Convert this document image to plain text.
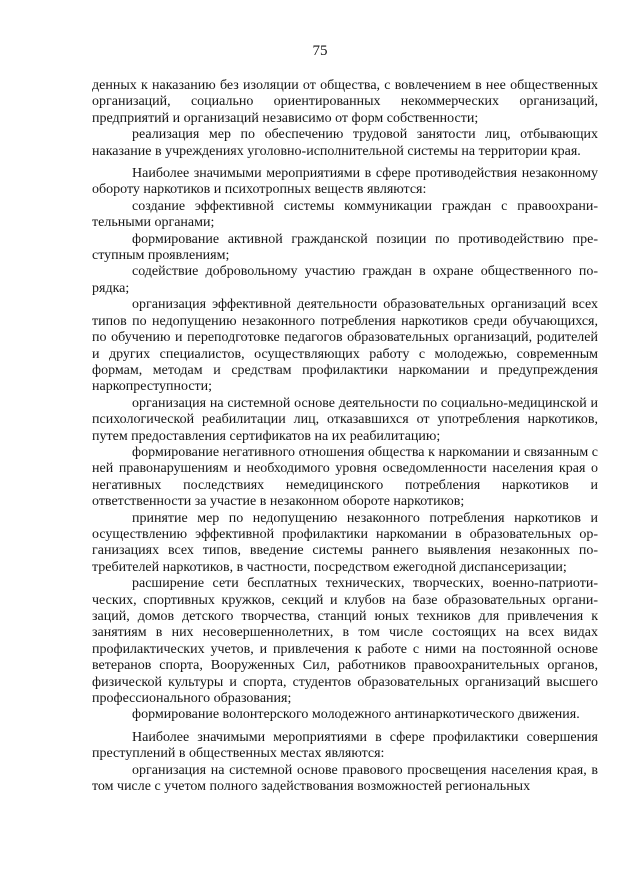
75

денных к наказанию без изоляции от общества, с вовлечением в нее общественных организаций, социально ориентированных некоммерческих организаций, предприятий и организаций независимо от форм собственности;

реализация мер по обеспечению трудовой занятости лиц, отбывающих наказание в учреждениях уголовно-исполнительной системы на территории края.

Наиболее значимыми мероприятиями в сфере противодействия незаконному обороту наркотиков и психотропных веществ являются:

создание эффективной системы коммуникации граждан с правоохранительными органами;

формирование активной гражданской позиции по противодействию преступным проявлениям;

содействие добровольному участию граждан в охране общественного порядка;

организация эффективной деятельности образовательных организаций всех типов по недопущению незаконного потребления наркотиков среди обучающихся, по обучению и переподготовке педагогов образовательных организаций, родителей и других специалистов, осуществляющих работу с молодежью, современным формам, методам и средствам профилактики наркомании и предупреждения наркопреступности;

организация на системной основе деятельности по социально-медицинской и психологической реабилитации лиц, отказавшихся от употребления наркотиков, путем предоставления сертификатов на их реабилитацию;

формирование негативного отношения общества к наркомании и связанным с ней правонарушениям и необходимого уровня осведомленности населения края о негативных последствиях немедицинского потребления наркотиков и ответственности за участие в незаконном обороте наркотиков;

принятие мер по недопущению незаконного потребления наркотиков и осуществлению эффективной профилактики наркомании в образовательных организациях всех типов, введение системы раннего выявления незаконных потребителей наркотиков, в частности, посредством ежегодной диспансеризации;

расширение сети бесплатных технических, творческих, военно-патриотических, спортивных кружков, секций и клубов на базе образовательных организаций, домов детского творчества, станций юных техников для привлечения к занятиям в них несовершеннолетних, в том числе состоящих на всех видах профилактических учетов, и привлечения к работе с ними на постоянной основе ветеранов спорта, Вооруженных Сил, работников правоохранительных органов, физической культуры и спорта, студентов образовательных организаций высшего профессионального образования;

формирование волонтерского молодежного антинаркотического движения.

Наиболее значимыми мероприятиями в сфере профилактики совершения преступлений в общественных местах являются:

организация на системной основе правового просвещения населения края, в том числе с учетом полного задействования возможностей региональных
